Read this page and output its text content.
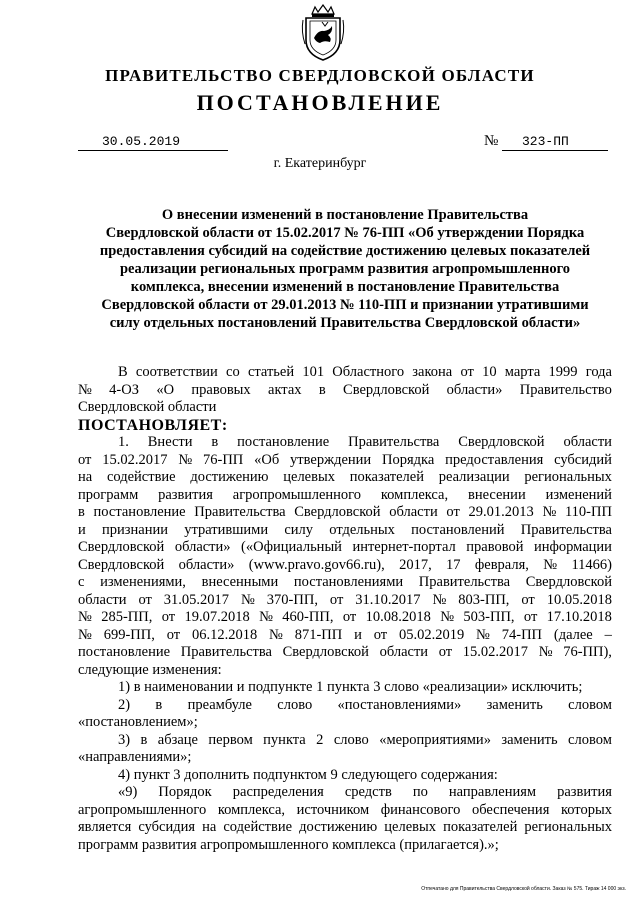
ПРАВИТЕЛЬСТВО СВЕРДЛОВСКОЙ ОБЛАСТИ
ПОСТАНОВЛЕНИЕ
30.05.2019	№	323-ПП
г. Екатеринбург
О внесении изменений в постановление Правительства
Свердловской области от 15.02.2017 № 76-ПП «Об утверждении Порядка
предоставления субсидий на содействие достижению целевых показателей
реализации региональных программ развития агропромышленного
комплекса, внесении изменений в постановление Правительства
Свердловской области от 29.01.2013 № 110-ПП и признании утратившими
силу отдельных постановлений Правительства Свердловской области»
В соответствии со статьей 101 Областного закона от 10 марта 1999 года
№ 4-ОЗ «О правовых актах в Свердловской области» Правительство
Свердловской области
ПОСТАНОВЛЯЕТ:
1. Внести в постановление Правительства Свердловской области
от 15.02.2017 № 76-ПП «Об утверждении Порядка предоставления субсидий
на содействие достижению целевых показателей реализации региональных
программ развития агропромышленного комплекса, внесении изменений
в постановление Правительства Свердловской области от 29.01.2013 № 110-ПП
и признании утратившими силу отдельных постановлений Правительства
Свердловской области» («Официальный интернет-портал правовой информации
Свердловской области» (www.pravo.gov66.ru), 2017, 17 февраля, № 11466)
с изменениями, внесенными постановлениями Правительства Свердловской
области от 31.05.2017 № 370-ПП, от 31.10.2017 № 803-ПП, от 10.05.2018
№ 285-ПП, от 19.07.2018 № 460-ПП, от 10.08.2018 № 503-ПП, от 17.10.2018
№ 699-ПП, от 06.12.2018 № 871-ПП и от 05.02.2019 № 74-ПП (далее –
постановление Правительства Свердловской области от 15.02.2017 № 76-ПП),
следующие изменения:
1) в наименовании и подпункте 1 пункта 3 слово «реализации» исключить;
2) в преамбуле слово «постановлениями» заменить словом
«постановлением»;
3) в абзаце первом пункта 2 слово «мероприятиями» заменить словом
«направлениями»;
4) пункт 3 дополнить подпунктом 9 следующего содержания:
«9) Порядок распределения средств по направлениям развития
агропромышленного комплекса, источником финансового обеспечения которых
является субсидия на содействие достижению целевых показателей региональных
программ развития агропромышленного комплекса (прилагается).»;
Отпечатано для Правительства Свердловской области. Заказ № 575. Тираж 14 000 экз.
